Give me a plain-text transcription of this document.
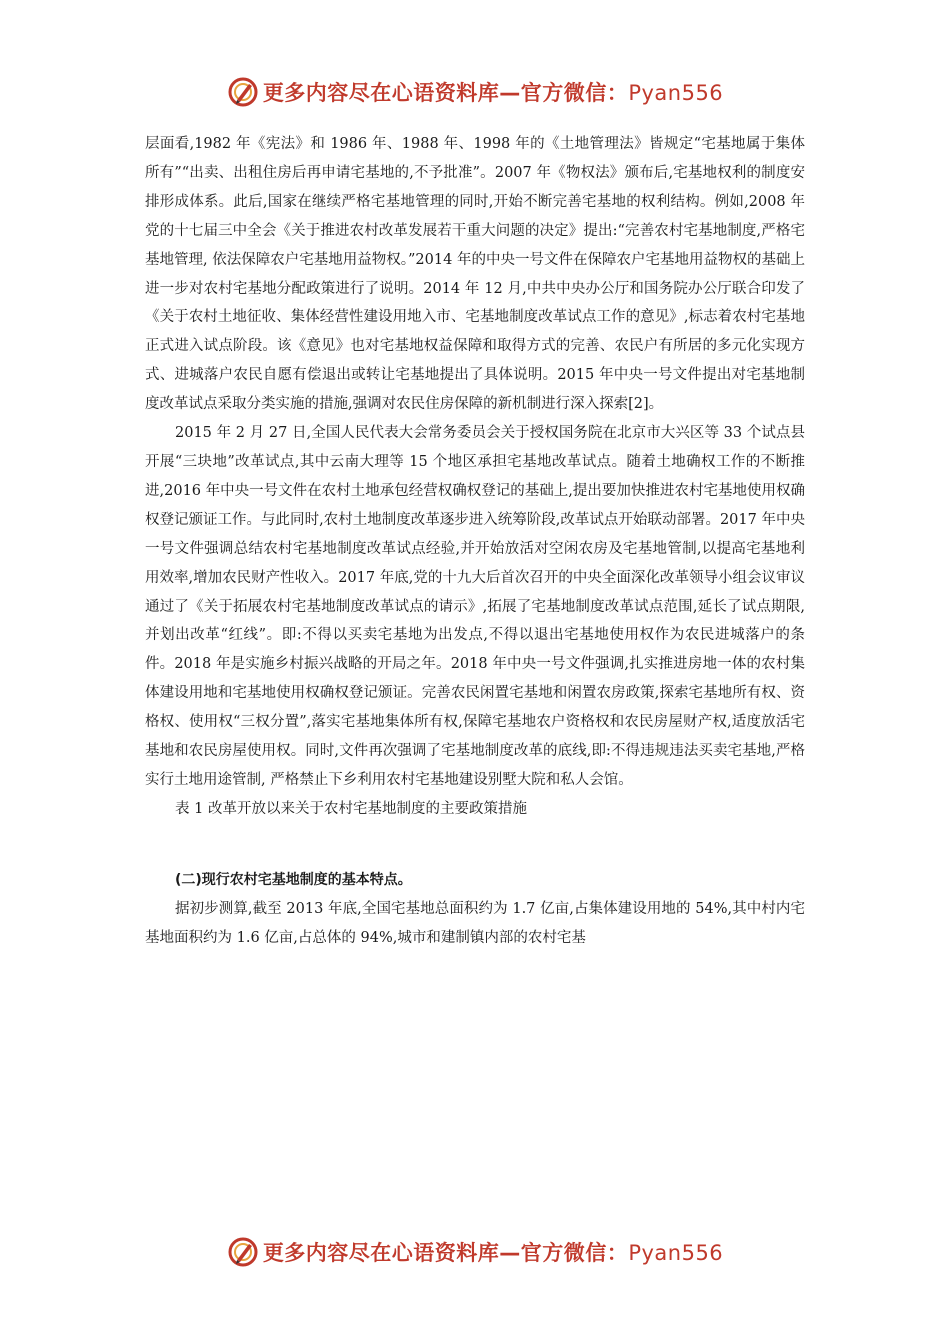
更多内容尽在心语资料库—官方微信：Pyan556

层面看,1982 年《宪法》和 1986 年、1988 年、1998 年的《土地管理法》皆规定“宅基地属于集体所有”“出卖、出租住房后再申请宅基地的,不予批准”。2007 年《物权法》颁布后,宅基地权利的制度安排形成体系。此后,国家在继续严格宅基地管理的同时,开始不断完善宅基地的权利结构。例如,2008 年党的十七届三中全会《关于推进农村改革发展若干重大问题的决定》提出:“完善农村宅基地制度,严格宅基地管理, 依法保障农户宅基地用益物权。”2014 年的中央一号文件在保障农户宅基地用益物权的基础上进一步对农村宅基地分配政策进行了说明。2014 年 12 月,中共中央办公厅和国务院办公厅联合印发了《关于农村土地征收、集体经营性建设用地入市、宅基地制度改革试点工作的意见》,标志着农村宅基地正式进入试点阶段。该《意见》也对宅基地权益保障和取得方式的完善、农民户有所居的多元化实现方式、进城落户农民自愿有偿退出或转让宅基地提出了具体说明。2015 年中央一号文件提出对宅基地制度改革试点采取分类实施的措施,强调对农民住房保障的新机制进行深入探索[2]。

2015 年 2 月 27 日,全国人民代表大会常务委员会关于授权国务院在北京市大兴区等 33 个试点县开展“三块地”改革试点,其中云南大理等 15 个地区承担宅基地改革试点。随着土地确权工作的不断推进,2016 年中央一号文件在农村土地承包经营权确权登记的基础上,提出要加快推进农村宅基地使用权确权登记颁证工作。与此同时,农村土地制度改革逐步进入统筹阶段,改革试点开始联动部署。2017 年中央一号文件强调总结农村宅基地制度改革试点经验,并开始放活对空闲农房及宅基地管制,以提高宅基地利用效率,增加农民财产性收入。2017 年底,党的十九大后首次召开的中央全面深化改革领导小组会议审议通过了《关于拓展农村宅基地制度改革试点的请示》,拓展了宅基地制度改革试点范围,延长了试点期限,并划出改革“红线”。即:不得以买卖宅基地为出发点,不得以退出宅基地使用权作为农民进城落户的条件。2018 年是实施乡村振兴战略的开局之年。2018 年中央一号文件强调,扎实推进房地一体的农村集体建设用地和宅基地使用权确权登记颁证。完善农民闲置宅基地和闲置农房政策,探索宅基地所有权、资格权、使用权“三权分置”,落实宅基地集体所有权,保障宅基地农户资格权和农民房屋财产权,适度放活宅基地和农民房屋使用权。同时,文件再次强调了宅基地制度改革的底线,即:不得违规违法买卖宅基地,严格实行土地用途管制, 严格禁止下乡利用农村宅基地建设别墅大院和私人会馆。

表 1 改革开放以来关于农村宅基地制度的主要政策措施

(二)现行农村宅基地制度的基本特点。

据初步测算,截至 2013 年底,全国宅基地总面积约为 1.7 亿亩,占集体建设用地的 54%,其中村内宅基地面积约为 1.6 亿亩,占总体的 94%,城市和建制镇内部的农村宅基

更多内容尽在心语资料库—官方微信：Pyan556
